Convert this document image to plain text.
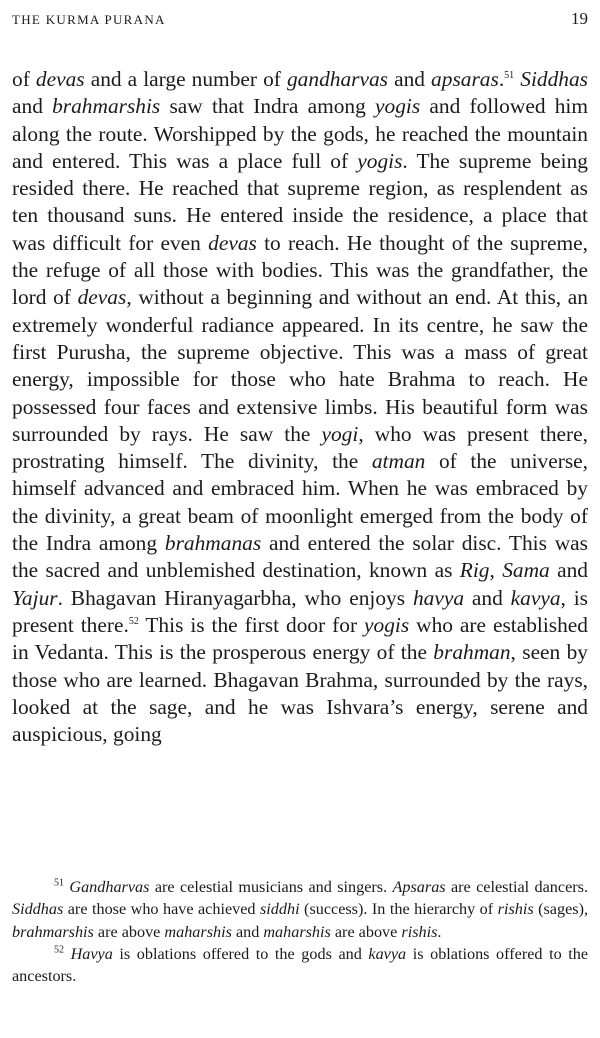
THE KURMA PURANA	19

of devas and a large number of gandharvas and apsaras.$^{51}$ Siddhas and brahmarshis saw that Indra among yogis and followed him along the route. Worshipped by the gods, he reached the mountain and entered. This was a place full of yogis. The supreme being resided there. He reached that supreme region, as resplendent as ten thousand suns. He entered inside the residence, a place that was difficult for even devas to reach. He thought of the supreme, the refuge of all those with bodies. This was the grandfather, the lord of devas, without a beginning and without an end. At this, an extremely wonderful radiance appeared. In its centre, he saw the first Purusha, the supreme objective. This was a mass of great energy, impossible for those who hate Brahma to reach. He possessed four faces and extensive limbs. His beautiful form was surrounded by rays. He saw the yogi, who was present there, prostrating himself. The divinity, the atman of the universe, himself advanced and embraced him. When he was embraced by the divinity, a great beam of moonlight emerged from the body of the Indra among brahmanas and entered the solar disc. This was the sacred and unblemished destination, known as Rig, Sama and Yajur. Bhagavan Hiranyagarbha, who enjoys havya and kavya, is present there.$^{52}$ This is the first door for yogis who are established in Vedanta. This is the prosperous energy of the brahman, seen by those who are learned. Bhagavan Brahma, surrounded by the rays, looked at the sage, and he was Ishvara’s energy, serene and auspicious, going

$^{51}$ Gandharvas are celestial musicians and singers. Apsaras are celestial dancers. Siddhas are those who have achieved siddhi (success). In the hierarchy of rishis (sages), brahmarshis are above maharshis and maharshis are above rishis.

$^{52}$ Havya is oblations offered to the gods and kavya is oblations offered to the ancestors.
